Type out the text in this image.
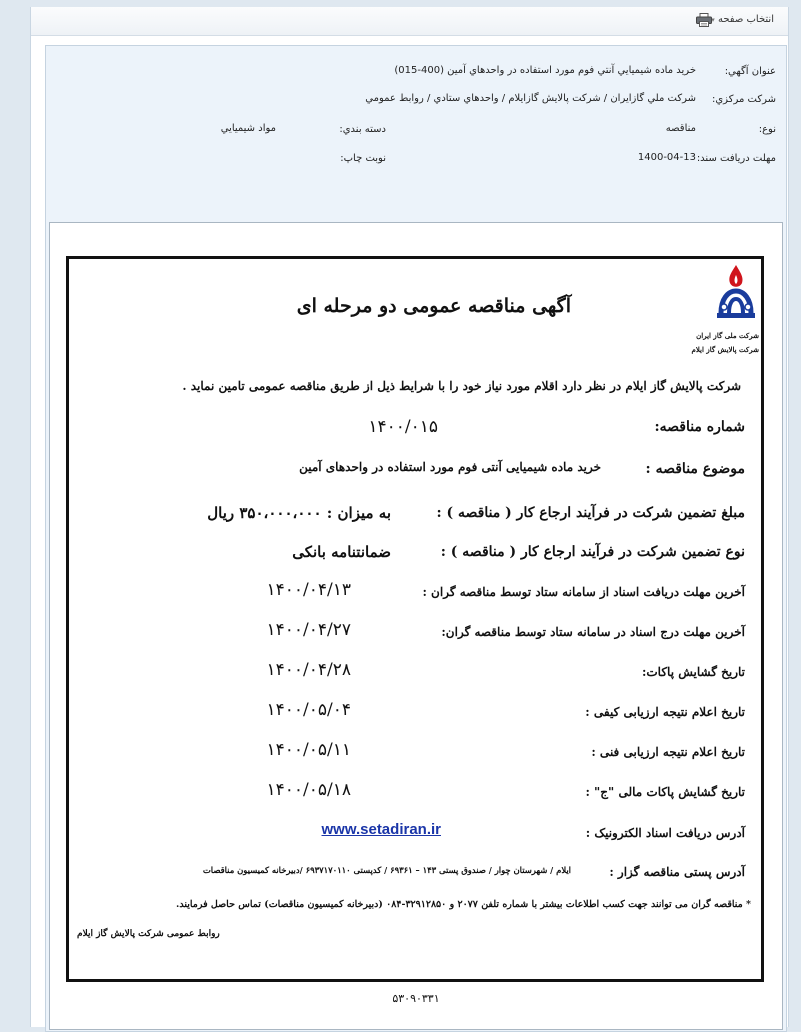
انتخاب صفحه ▾
عنوان آگهي:
خريد ماده شيميايي آنتي فوم مورد استفاده در واحدهاي آمين (400-015)
شرکت مرکزي:
شركت ملي گازايران / شرکت پالايش گازايلام / واحدهاي ستادي / روابط عمومي
نوع:
مناقصه
دسته بندي:
مواد شيميايي
مهلت دريافت سند:
1400-04-13
نوبت چاپ:
شرکت ملی گاز ایران
شرکت پالایش گاز ایلام
آگهی مناقصه عمومی دو مرحله ای
شرکت پالایش گاز ایلام در نظر دارد اقلام مورد نیاز خود را با شرایط ذیل از طریق مناقصه عمومی تامین نماید .
شماره مناقصه:
۱۴۰۰/۰۱۵
موضوع مناقصه :
خرید ماده شیمیایی آنتی فوم مورد استفاده در واحدهای آمین
مبلغ تضمین شرکت در فرآیند ارجاع کار ( مناقصه ) :
به میزان : ۳۵۰،۰۰۰،۰۰۰ ریال
نوع تضمین شرکت در فرآیند ارجاع کار ( مناقصه ) :
ضمانتنامه بانکی
آخرین مهلت دریافت اسناد از سامانه ستاد توسط مناقصه گران :
۱۴۰۰/۰۴/۱۳
آخرین مهلت درج اسناد در سامانه ستاد توسط مناقصه گران:
۱۴۰۰/۰۴/۲۷
تاریخ گشایش پاکات:
۱۴۰۰/۰۴/۲۸
تاریخ اعلام نتیجه ارزیابی کیفی :
۱۴۰۰/۰۵/۰۴
تاریخ اعلام نتیجه ارزیابی فنی :
۱۴۰۰/۰۵/۱۱
تاریخ گشایش پاکات مالی "ج" :
۱۴۰۰/۰۵/۱۸
آدرس دریافت اسناد الکترونیک :
www.setadiran.ir
آدرس پستی مناقصه گزار :
ایلام / شهرستان چوار / صندوق پستی ۱۴۳ – ۶۹۳۶۱ / کدپستی ۶۹۳۷۱۷۰۱۱۰ /دبیرخانه کمیسیون مناقصات
* مناقصه گران می توانند جهت کسب اطلاعات بیشتر با شماره تلفن ۲۰۷۷ و ۳۲۹۱۲۸۵۰-۰۸۴ (دبیرخانه کمیسیون مناقصات) تماس حاصل فرمایند.
روابط عمومی شرکت پالایش گاز ایلام
۵۳۰۹۰۳۳۱
